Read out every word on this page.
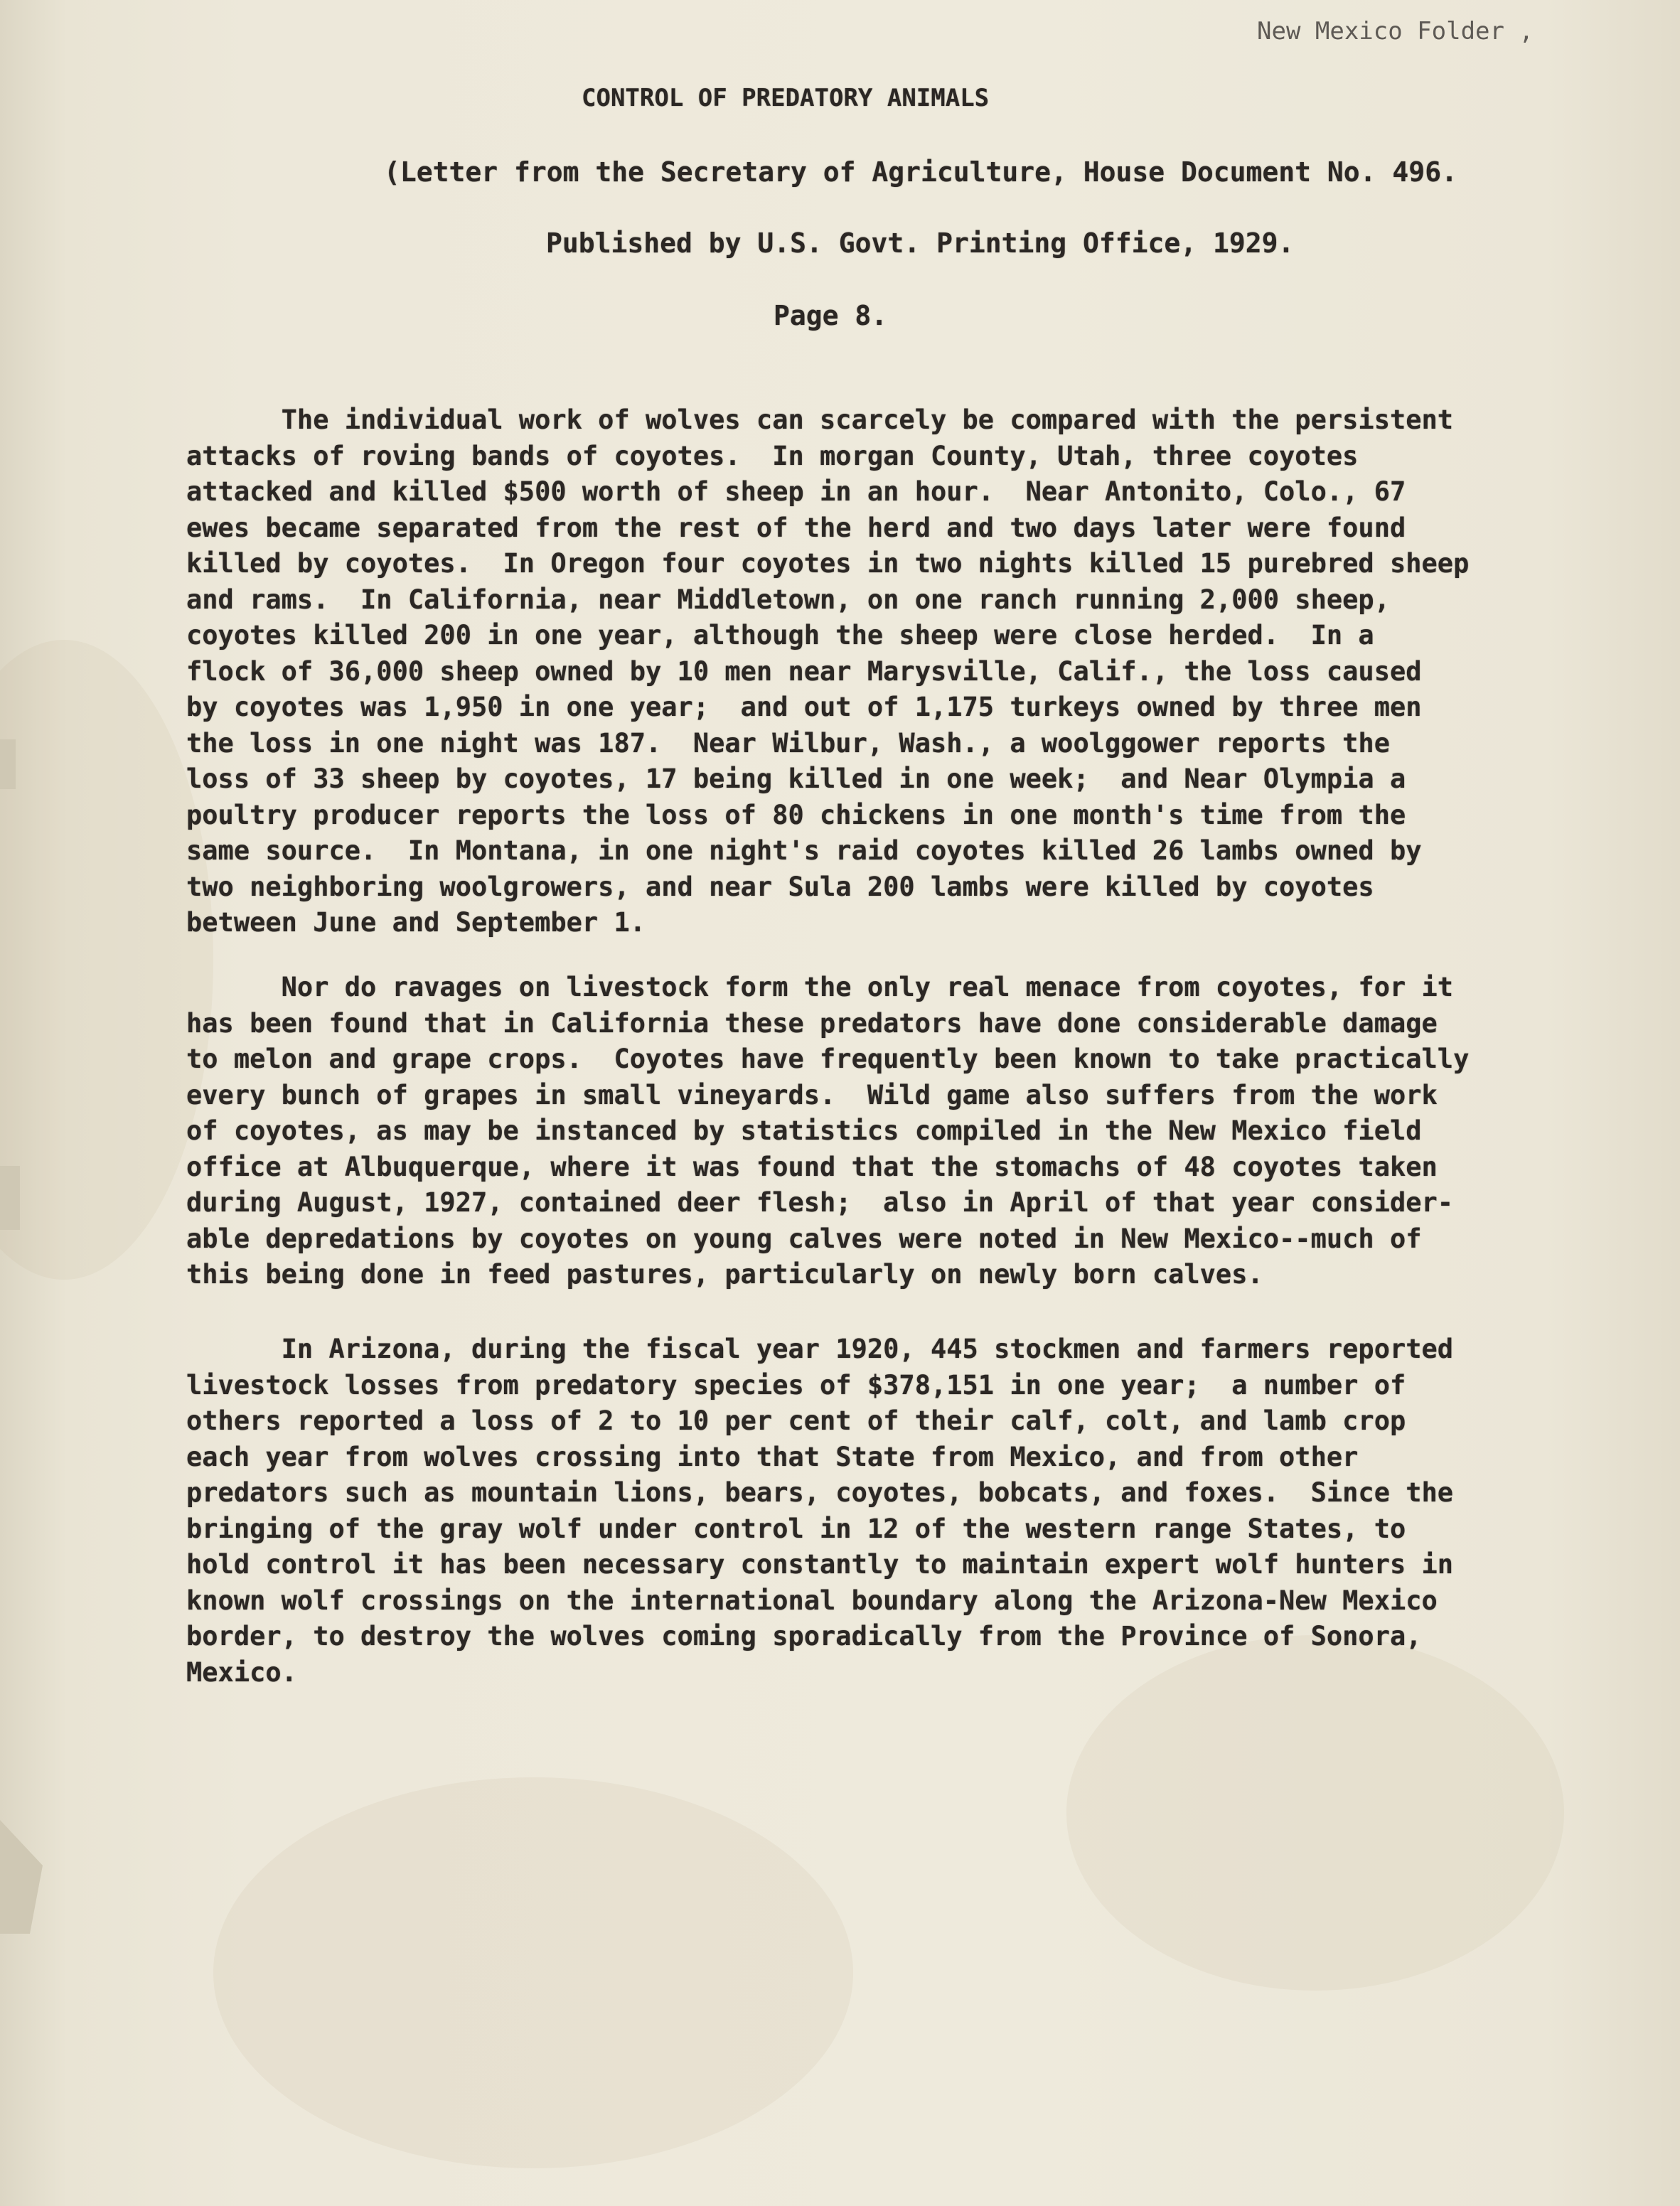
New Mexico Folder ,
CONTROL OF PREDATORY ANIMALS
(Letter from the Secretary of Agriculture, House Document No. 496.
Published by U.S. Govt. Printing Office, 1929.
Page 8.
The individual work of wolves can scarcely be compared with the persistent
attacks of roving bands of coyotes.  In morgan County, Utah, three coyotes
attacked and killed $500 worth of sheep in an hour.  Near Antonito, Colo., 67
ewes became separated from the rest of the herd and two days later were found
killed by coyotes.  In Oregon four coyotes in two nights killed 15 purebred sheep
and rams.  In California, near Middletown, on one ranch running 2,000 sheep,
coyotes killed 200 in one year, although the sheep were close herded.  In a
flock of 36,000 sheep owned by 10 men near Marysville, Calif., the loss caused
by coyotes was 1,950 in one year;  and out of 1,175 turkeys owned by three men
the loss in one night was 187.  Near Wilbur, Wash., a woolggower reports the
loss of 33 sheep by coyotes, 17 being killed in one week;  and Near Olympia a
poultry producer reports the loss of 80 chickens in one month's time from the
same source.  In Montana, in one night's raid coyotes killed 26 lambs owned by
two neighboring woolgrowers, and near Sula 200 lambs were killed by coyotes
between June and September 1.
Nor do ravages on livestock form the only real menace from coyotes, for it
has been found that in California these predators have done considerable damage
to melon and grape crops.  Coyotes have frequently been known to take practically
every bunch of grapes in small vineyards.  Wild game also suffers from the work
of coyotes, as may be instanced by statistics compiled in the New Mexico field
office at Albuquerque, where it was found that the stomachs of 48 coyotes taken
during August, 1927, contained deer flesh;  also in April of that year consider-
able depredations by coyotes on young calves were noted in New Mexico--much of
this being done in feed pastures, particularly on newly born calves.
In Arizona, during the fiscal year 1920, 445 stockmen and farmers reported
livestock losses from predatory species of $378,151 in one year;  a number of
others reported a loss of 2 to 10 per cent of their calf, colt, and lamb crop
each year from wolves crossing into that State from Mexico, and from other
predators such as mountain lions, bears, coyotes, bobcats, and foxes.  Since the
bringing of the gray wolf under control in 12 of the western range States, to
hold control it has been necessary constantly to maintain expert wolf hunters in
known wolf crossings on the international boundary along the Arizona-New Mexico
border, to destroy the wolves coming sporadically from the Province of Sonora,
Mexico.
